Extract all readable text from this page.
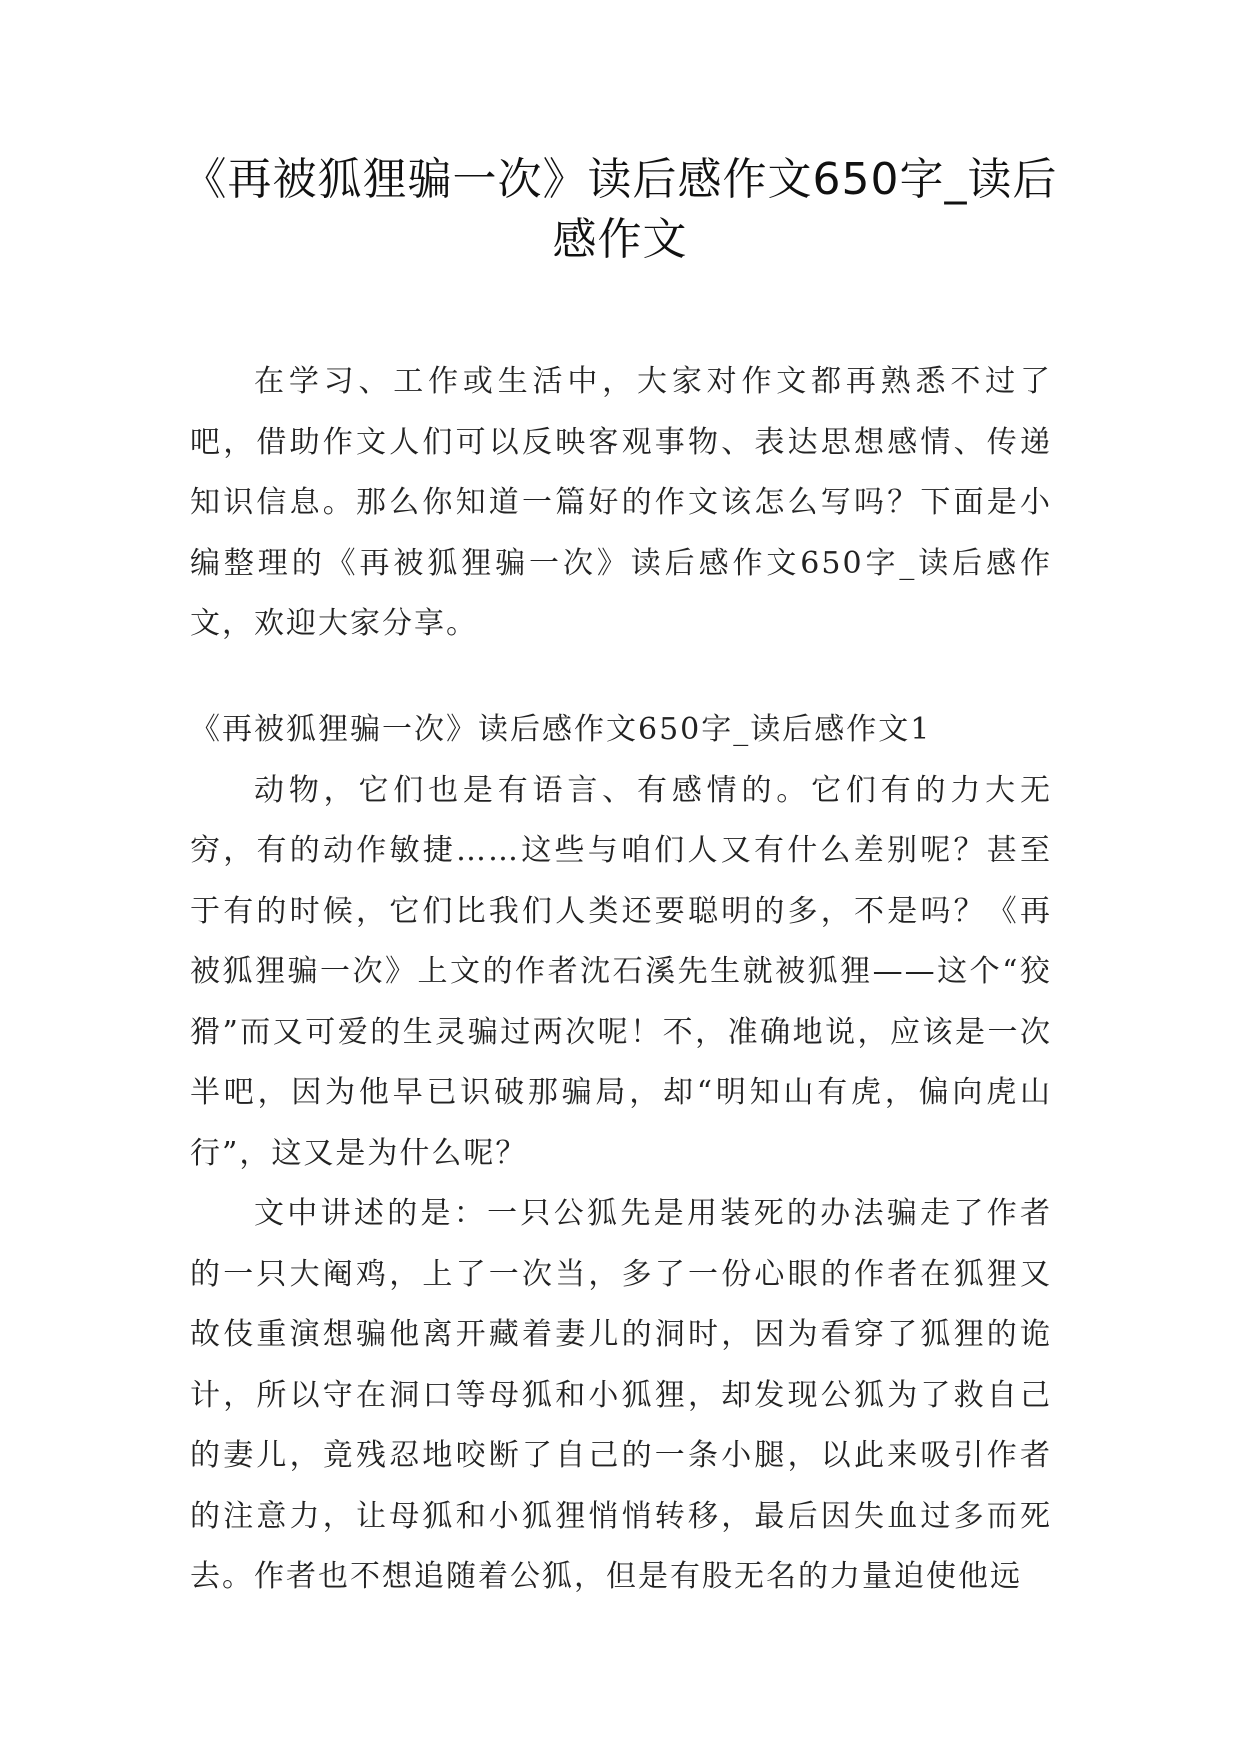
《再被狐狸骗一次》读后感作文650字_读后感作文

在学习、工作或生活中，大家对作文都再熟悉不过了吧，借助作文人们可以反映客观事物、表达思想感情、传递知识信息。那么你知道一篇好的作文该怎么写吗？下面是小编整理的《再被狐狸骗一次》读后感作文650字_读后感作文，欢迎大家分享。

《再被狐狸骗一次》读后感作文650字_读后感作文1

动物，它们也是有语言、有感情的。它们有的力大无穷，有的动作敏捷……这些与咱们人又有什么差别呢？甚至于有的时候，它们比我们人类还要聪明的多，不是吗？《再被狐狸骗一次》上文的作者沈石溪先生就被狐狸——这个“狡猾”而又可爱的生灵骗过两次呢！不，准确地说，应该是一次半吧，因为他早已识破那骗局，却“明知山有虎，偏向虎山行”，这又是为什么呢？

文中讲述的是：一只公狐先是用装死的办法骗走了作者的一只大阉鸡，上了一次当，多了一份心眼的作者在狐狸又故伎重演想骗他离开藏着妻儿的洞时，因为看穿了狐狸的诡计，所以守在洞口等母狐和小狐狸，却发现公狐为了救自己的妻儿，竟残忍地咬断了自己的一条小腿，以此来吸引作者的注意力，让母狐和小狐狸悄悄转移，最后因失血过多而死去。作者也不想追随着公狐，但是有股无名的力量迫使他远
